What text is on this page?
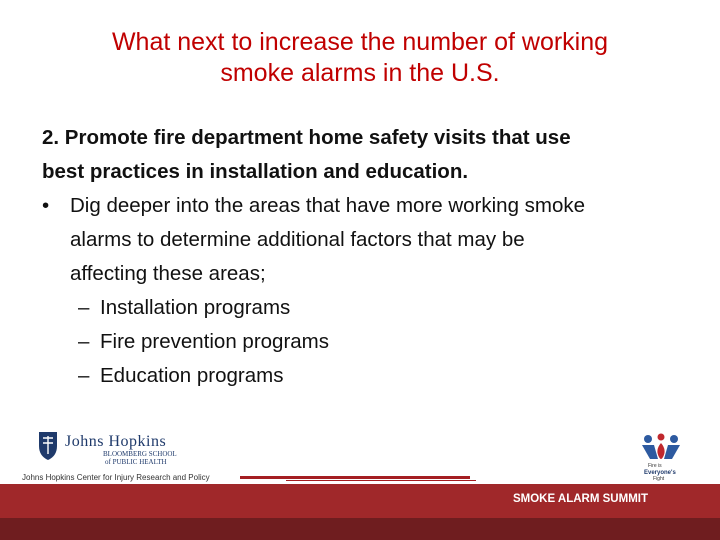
What next to increase the number of working
smoke alarms in the U.S.
2. Promote fire department home safety visits that use
best practices in installation and education.
• Dig deeper into the areas that have more working smoke
alarms to determine additional factors that may be
affecting these areas;
– Installation programs
– Fire prevention programs
– Education programs
Johns Hopkins
BLOOMBERG SCHOOL
of PUBLIC HEALTH
Johns Hopkins Center for Injury Research and Policy
Fire is
Everyone's
Fight
SMOKE ALARM SUMMIT
